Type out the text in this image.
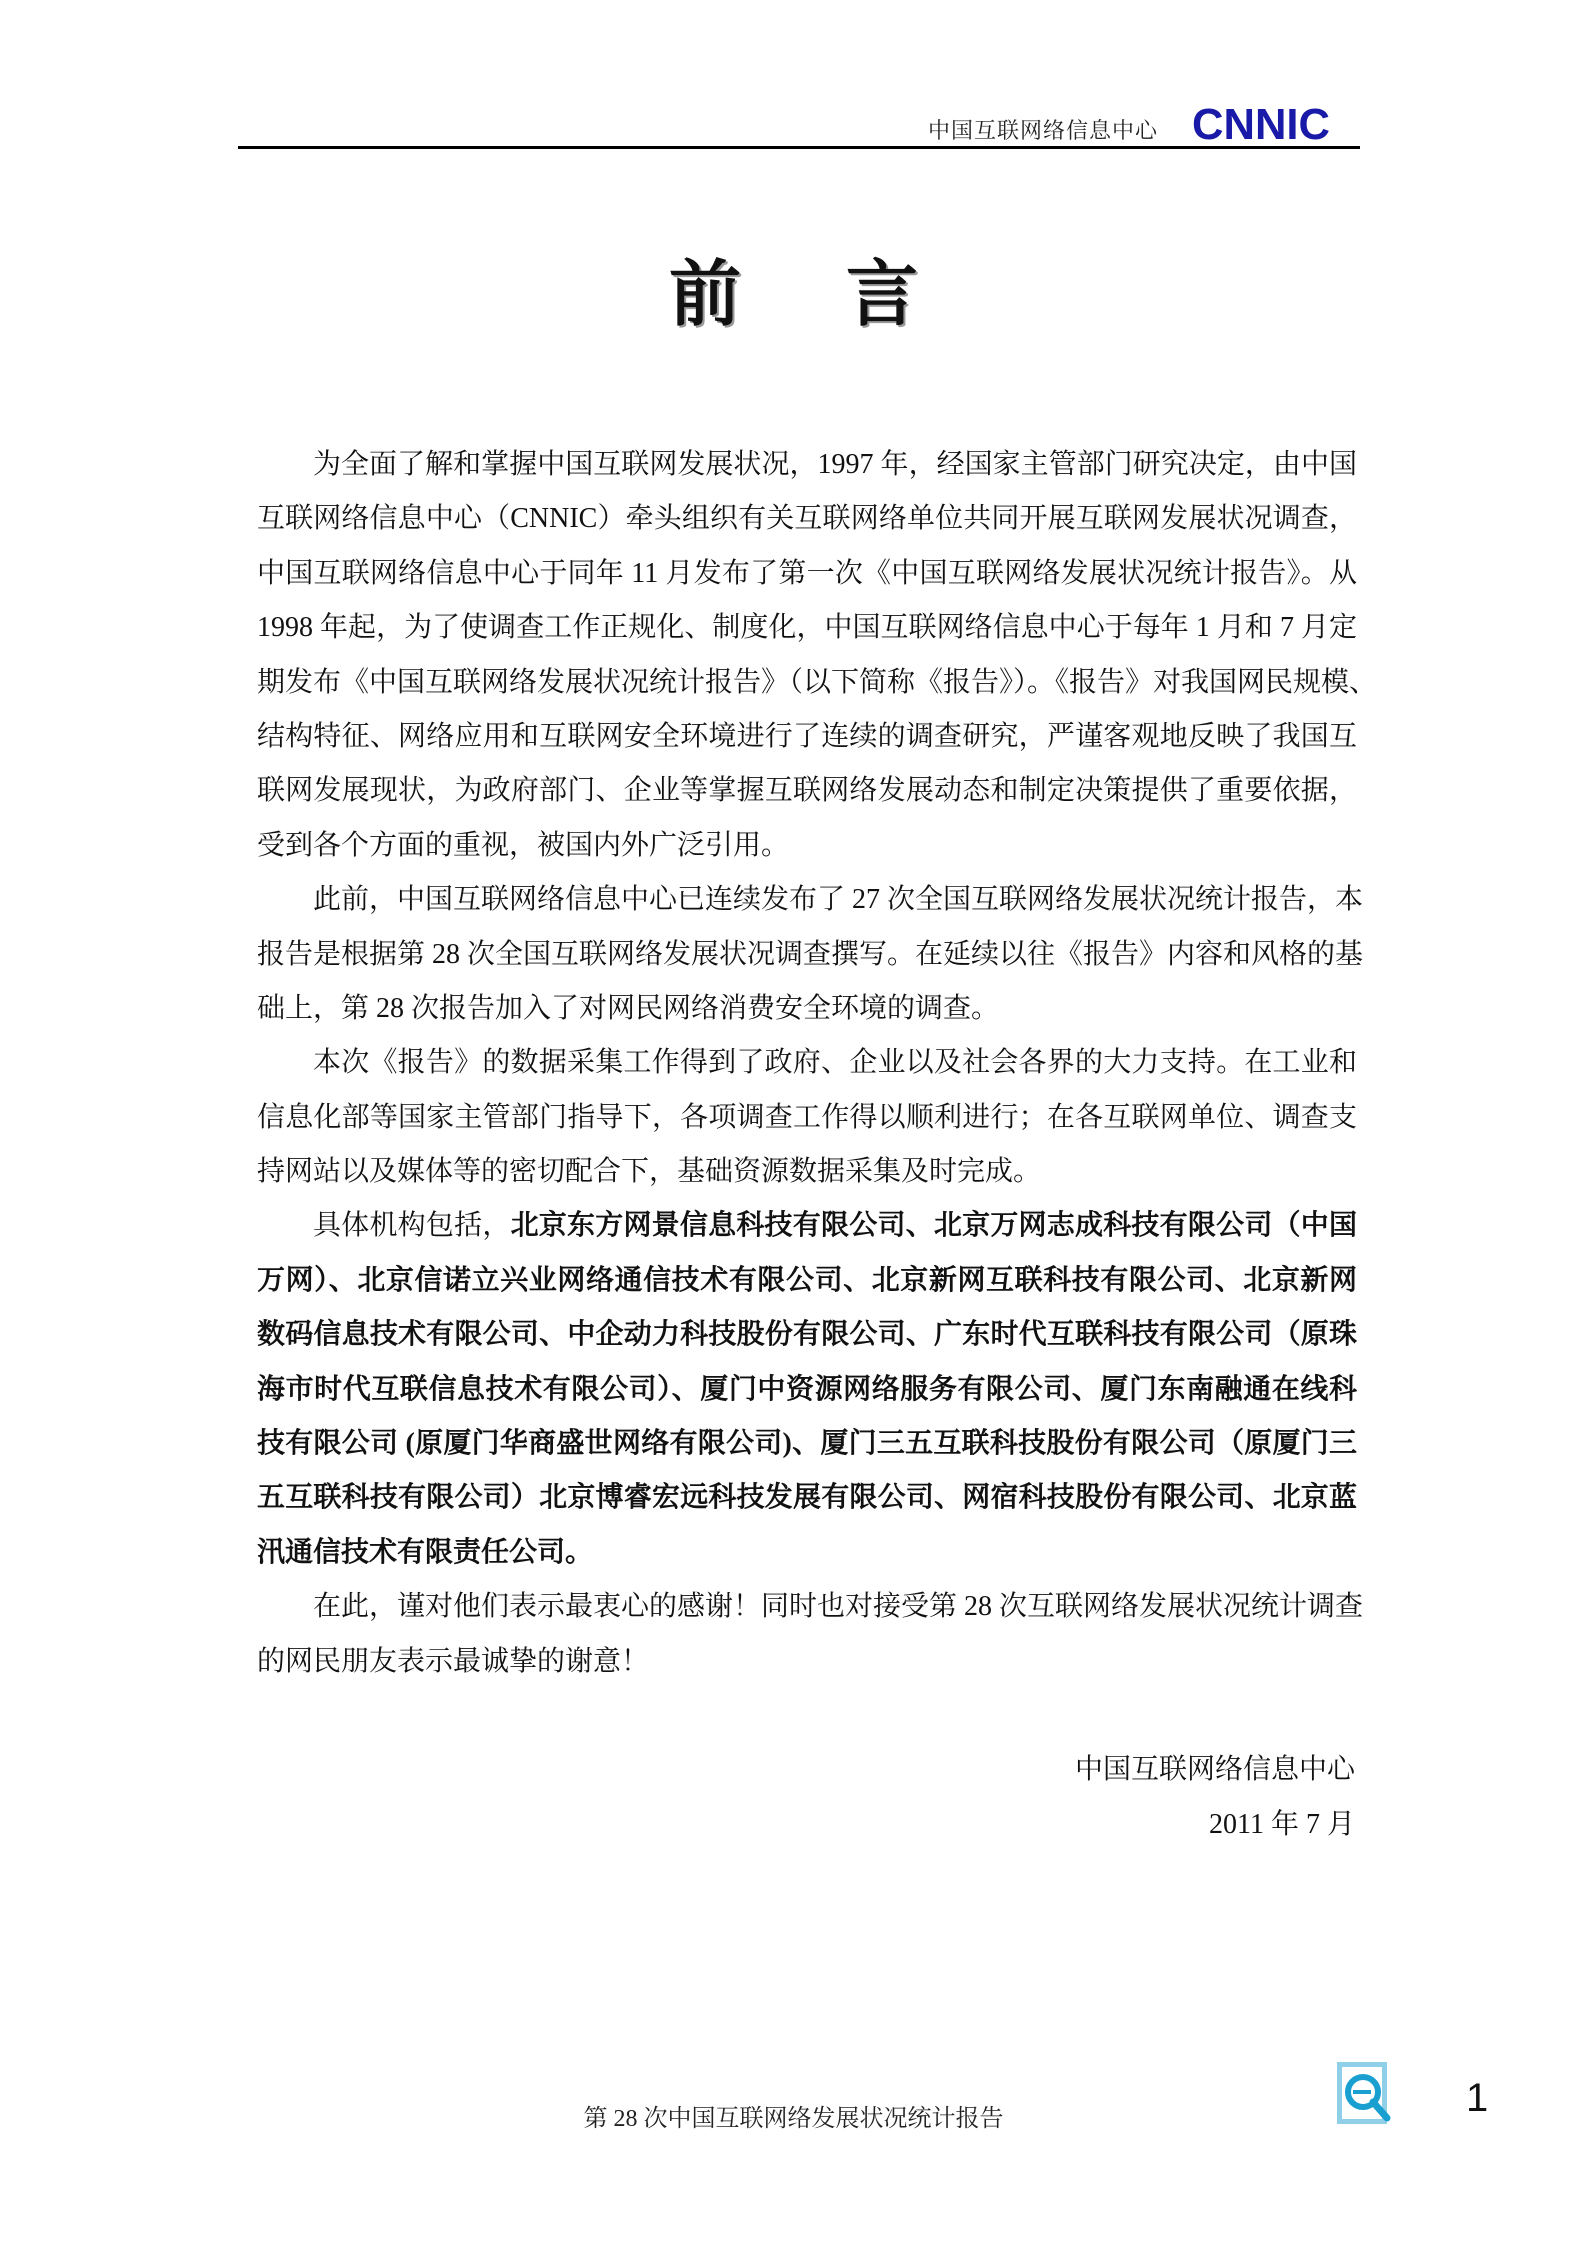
中国互联网络信息中心 CNNIC
前 言
为全面了解和掌握中国互联网发展状况，1997 年，经国家主管部门研究决定，由中国
互联网络信息中心（CNNIC）牵头组织有关互联网络单位共同开展互联网发展状况调查，
中国互联网络信息中心于同年 11 月发布了第一次《中国互联网络发展状况统计报告》。从
1998 年起，为了使调查工作正规化、制度化，中国互联网络信息中心于每年 1 月和 7 月定
期发布《中国互联网络发展状况统计报告》（以下简称《报告》）。《报告》对我国网民规模、
结构特征、网络应用和互联网安全环境进行了连续的调查研究，严谨客观地反映了我国互
联网发展现状，为政府部门、企业等掌握互联网络发展动态和制定决策提供了重要依据，
受到各个方面的重视，被国内外广泛引用。
此前，中国互联网络信息中心已连续发布了 27 次全国互联网络发展状况统计报告，本
报告是根据第 28 次全国互联网络发展状况调查撰写。在延续以往《报告》内容和风格的基
础上，第 28 次报告加入了对网民网络消费安全环境的调查。
本次《报告》的数据采集工作得到了政府、企业以及社会各界的大力支持。在工业和
信息化部等国家主管部门指导下，各项调查工作得以顺利进行；在各互联网单位、调查支
持网站以及媒体等的密切配合下，基础资源数据采集及时完成。
具体机构包括，北京东方网景信息科技有限公司、北京万网志成科技有限公司（中国
万网）、北京信诺立兴业网络通信技术有限公司、北京新网互联科技有限公司、北京新网
数码信息技术有限公司、中企动力科技股份有限公司、广东时代互联科技有限公司（原珠
海市时代互联信息技术有限公司）、厦门中资源网络服务有限公司、厦门东南融通在线科
技有限公司 (原厦门华商盛世网络有限公司)、厦门三五互联科技股份有限公司（原厦门三
五互联科技有限公司）北京博睿宏远科技发展有限公司、网宿科技股份有限公司、北京蓝
汛通信技术有限责任公司。
在此，谨对他们表示最衷心的感谢！同时也对接受第 28 次互联网络发展状况统计调查
的网民朋友表示最诚挚的谢意！
中国互联网络信息中心
2011 年 7 月
第 28 次中国互联网络发展状况统计报告	1
